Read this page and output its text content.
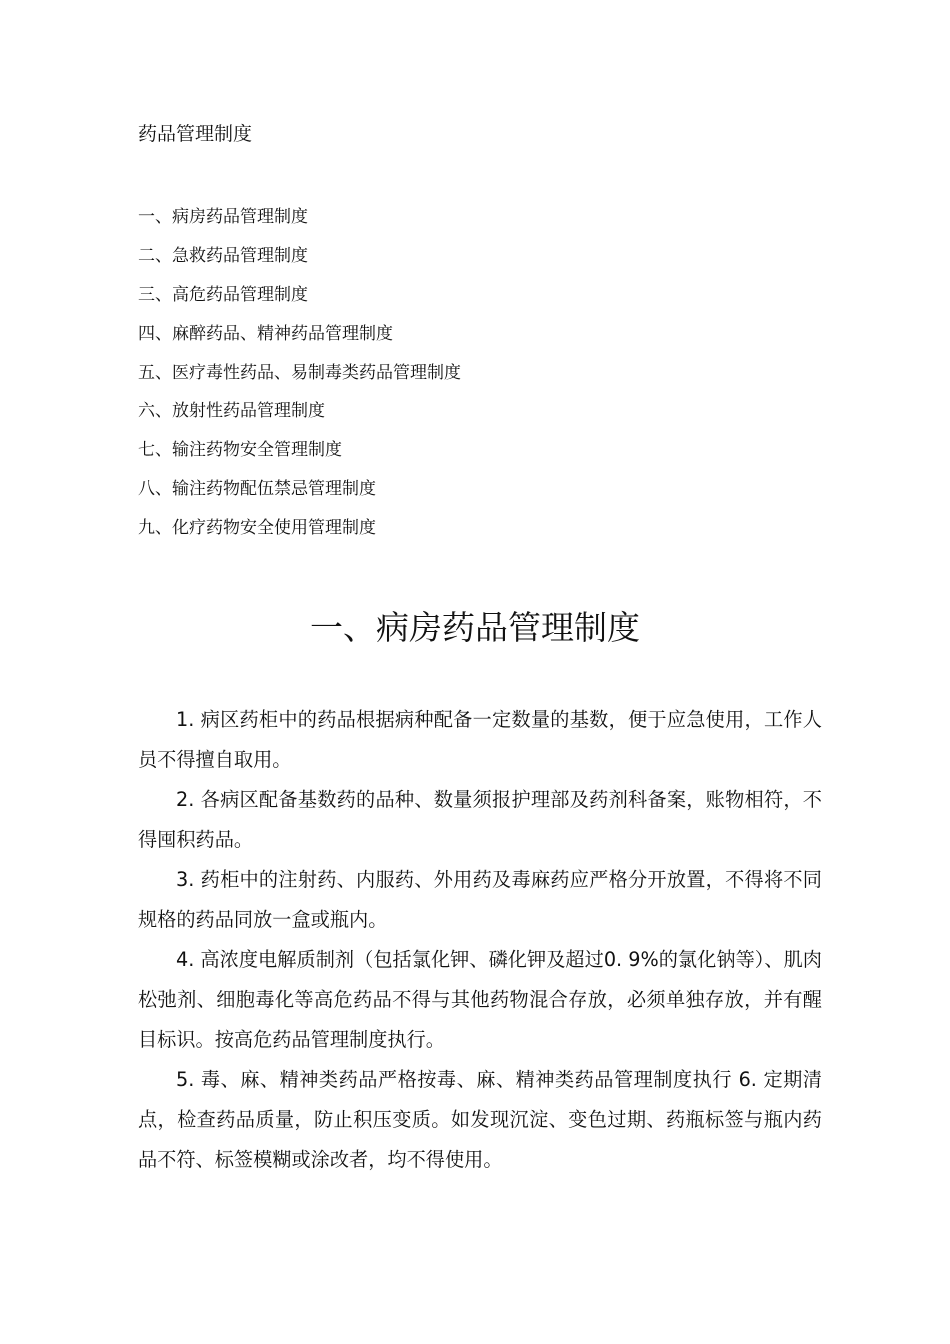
药品管理制度
一、病房药品管理制度
二、急救药品管理制度
三、高危药品管理制度
四、麻醉药品、精神药品管理制度
五、医疗毒性药品、易制毒类药品管理制度
六、放射性药品管理制度
七、输注药物安全管理制度
八、输注药物配伍禁忌管理制度
九、化疗药物安全使用管理制度
一、病房药品管理制度

1. 病区药柜中的药品根据病种配备一定数量的基数，便于应急使用，工作人员不得擅自取用。

2. 各病区配备基数药的品种、数量须报护理部及药剂科备案，账物相符，不得囤积药品。

3. 药柜中的注射药、内服药、外用药及毒麻药应严格分开放置，不得将不同规格的药品同放一盒或瓶内。

4. 高浓度电解质制剂（包括氯化钾、磷化钾及超过0. 9%的氯化钠等）、肌肉松弛剂、细胞毒化等高危药品不得与其他药物混合存放，必须单独存放，并有醒目标识。按高危药品管理制度执行。

5. 毒、麻、精神类药品严格按毒、麻、精神类药品管理制度执行 6. 定期清点，检查药品质量，防止积压变质。如发现沉淀、变色过期、药瓶标签与瓶内药品不符、标签模糊或涂改者，均不得使用。
